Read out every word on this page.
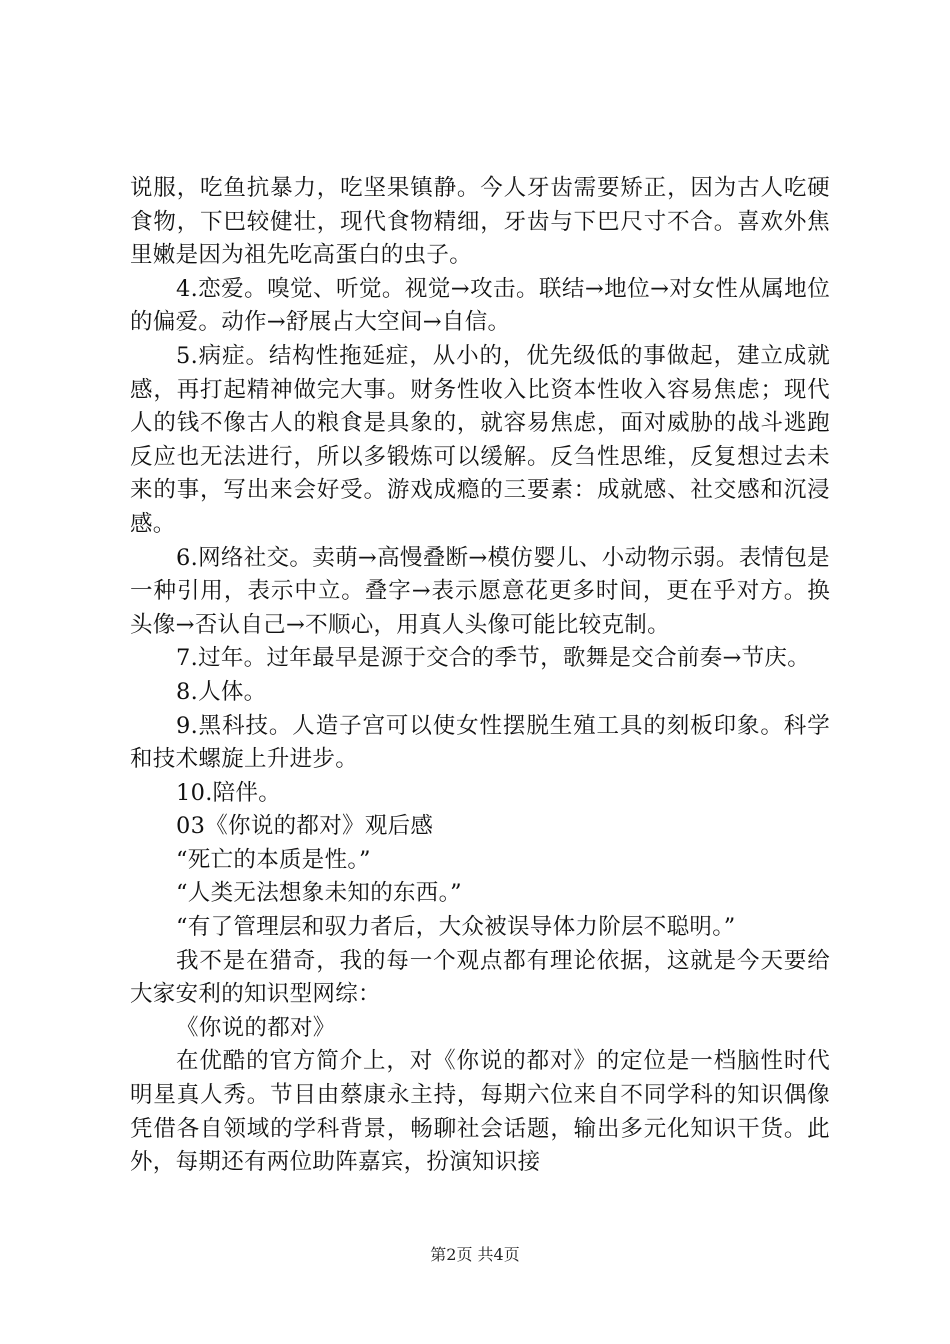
说服，吃鱼抗暴力，吃坚果镇静。今人牙齿需要矫正，因为古人吃硬食物，下巴较健壮，现代食物精细，牙齿与下巴尺寸不合。喜欢外焦里嫩是因为祖先吃高蛋白的虫子。

4.恋爱。嗅觉、听觉。视觉→攻击。联结→地位→对女性从属地位的偏爱。动作→舒展占大空间→自信。

5.病症。结构性拖延症，从小的，优先级低的事做起，建立成就感，再打起精神做完大事。财务性收入比资本性收入容易焦虑；现代人的钱不像古人的粮食是具象的，就容易焦虑，面对威胁的战斗逃跑反应也无法进行，所以多锻炼可以缓解。反刍性思维，反复想过去未来的事，写出来会好受。游戏成瘾的三要素：成就感、社交感和沉浸感。

6.网络社交。卖萌→高慢叠断→模仿婴儿、小动物示弱。表情包是一种引用，表示中立。叠字→表示愿意花更多时间，更在乎对方。换头像→否认自己→不顺心，用真人头像可能比较克制。

7.过年。过年最早是源于交合的季节，歌舞是交合前奏→节庆。

8.人体。

9.黑科技。人造子宫可以使女性摆脱生殖工具的刻板印象。科学和技术螺旋上升进步。

10.陪伴。

03《你说的都对》观后感

“死亡的本质是性。”

“人类无法想象未知的东西。”

“有了管理层和驭力者后，大众被误导体力阶层不聪明。”

我不是在猎奇，我的每一个观点都有理论依据，这就是今天要给大家安利的知识型网综：

《你说的都对》

在优酷的官方简介上，对《你说的都对》的定位是一档脑性时代明星真人秀。节目由蔡康永主持，每期六位来自不同学科的知识偶像凭借各自领域的学科背景，畅聊社会话题，输出多元化知识干货。此外，每期还有两位助阵嘉宾，扮演知识接

第2页 共4页
